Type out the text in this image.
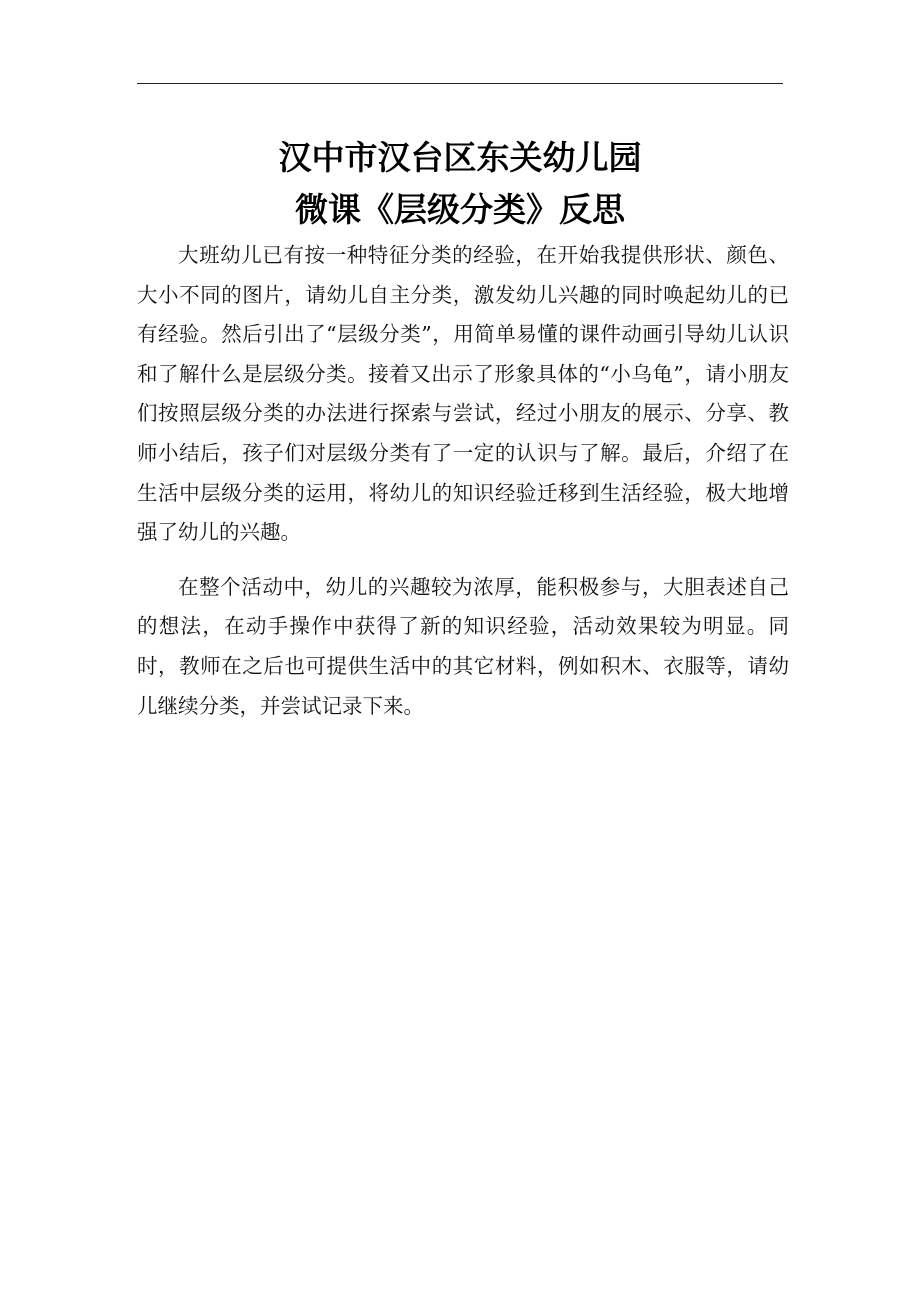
汉中市汉台区东关幼儿园
微课《层级分类》反思

大班幼儿已有按一种特征分类的经验，在开始我提供形状、颜色、大小不同的图片，请幼儿自主分类，激发幼儿兴趣的同时唤起幼儿的已有经验。然后引出了“层级分类”，用简单易懂的课件动画引导幼儿认识和了解什么是层级分类。接着又出示了形象具体的“小乌龟”，请小朋友们按照层级分类的办法进行探索与尝试，经过小朋友的展示、分享、教师小结后，孩子们对层级分类有了一定的认识与了解。最后，介绍了在生活中层级分类的运用，将幼儿的知识经验迁移到生活经验，极大地增强了幼儿的兴趣。

在整个活动中，幼儿的兴趣较为浓厚，能积极参与，大胆表述自己的想法，在动手操作中获得了新的知识经验，活动效果较为明显。同时，教师在之后也可提供生活中的其它材料，例如积木、衣服等，请幼儿继续分类，并尝试记录下来。
